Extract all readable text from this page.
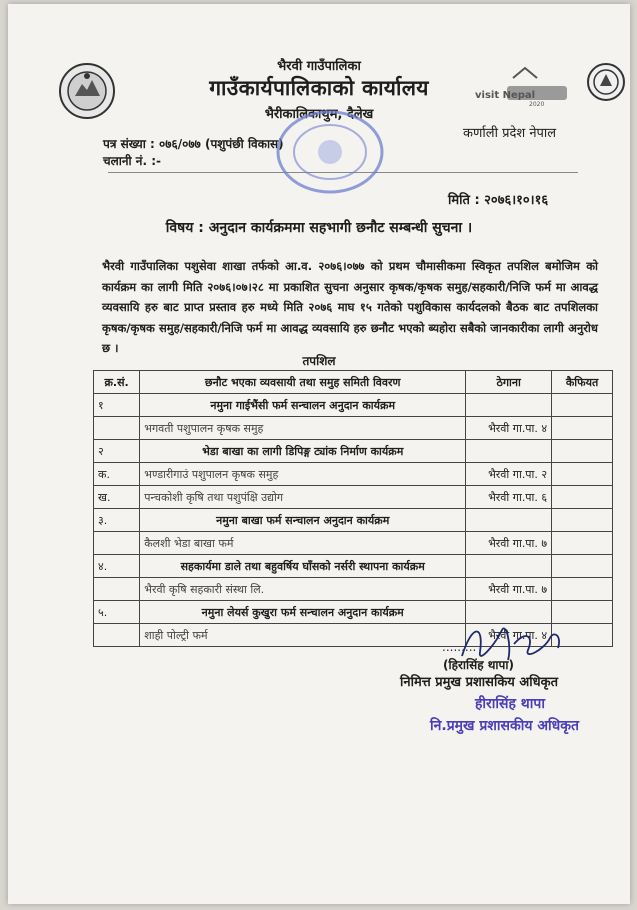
भैरवी गाउँपालिका
गाउँकार्यपालिकाको कार्यालय
भैरीकालिकाथुम, दैलेख
visit Nepal
2020
कर्णाली प्रदेश नेपाल
पत्र संख्या : ०७६/०७७ (पशुपंछी विकास)
चलानी नं. :-
मिति : २०७६।१०।१६
विषय : अनुदान कार्यक्रममा सहभागी छनौट सम्बन्धी सुचना ।
भैरवी गाउँपालिका पशुसेवा शाखा तर्फको आ.व. २०७६।०७७ को प्रथम चौमासीकमा स्विकृत तपशिल बमोजिम को कार्यक्रम का लागी मिति २०७६।०७।२८ मा प्रकाशित सुचना अनुसार कृषक/कृषक समुह/सहकारी/निजि फर्म मा आवद्ध व्यवसायि हरु बाट प्राप्त प्रस्ताव हरु मध्ये मिति २०७६ माघ १५ गतेको पशुविकास कार्यदलको बैठक बाट तपशिलका कृषक/कृषक समुह/सहकारी/निजि फर्म मा आवद्ध व्यवसायि हरु छनौट भएको ब्यहोरा सबैको जानकारीका लागी अनुरोध छ ।
तपशिल
क्र.सं.	छनौट भएका व्यवसायी तथा समुह समिती विवरण	ठेगाना	कैफियत
१	नमुना गाईभैंसी फर्म सन्चालन अनुदान कार्यक्रम		
	भगवती पशुपालन कृषक समुह	भैरवी गा.पा. ४	
२	भेडा बाखा का लागी डिपिङ्ग ट्यांक निर्माण कार्यक्रम		
क.	भण्डारीगाउं पशुपालन कृषक समुह	भैरवी गा.पा. २	
ख.	पन्चकोशी कृषि तथा पशुपंक्षि उद्योग	भैरवी गा.पा. ६	
३.	नमुना बाखा फर्म सन्चालन अनुदान कार्यक्रम		
	कैलशी भेडा बाखा फर्म	भैरवी गा.पा. ७	
४.	सहकार्यमा डाले तथा बहुवर्षिय घाँसको नर्सरी स्थापना कार्यक्रम		
	भैरवी कृषि सहकारी संस्था लि.	भैरवी गा.पा. ७	
५.	नमुना लेयर्स कुखुरा फर्म सन्चालन अनुदान कार्यक्रम		
	शाही पोल्ट्री फर्म	भैरवी गा.पा. ४	
.........
(हिरासिंह थापा)
निमित्त प्रमुख प्रशासकिय अधिकृत
हीरासिंह थापा
नि.प्रमुख प्रशासकीय अधिकृत
